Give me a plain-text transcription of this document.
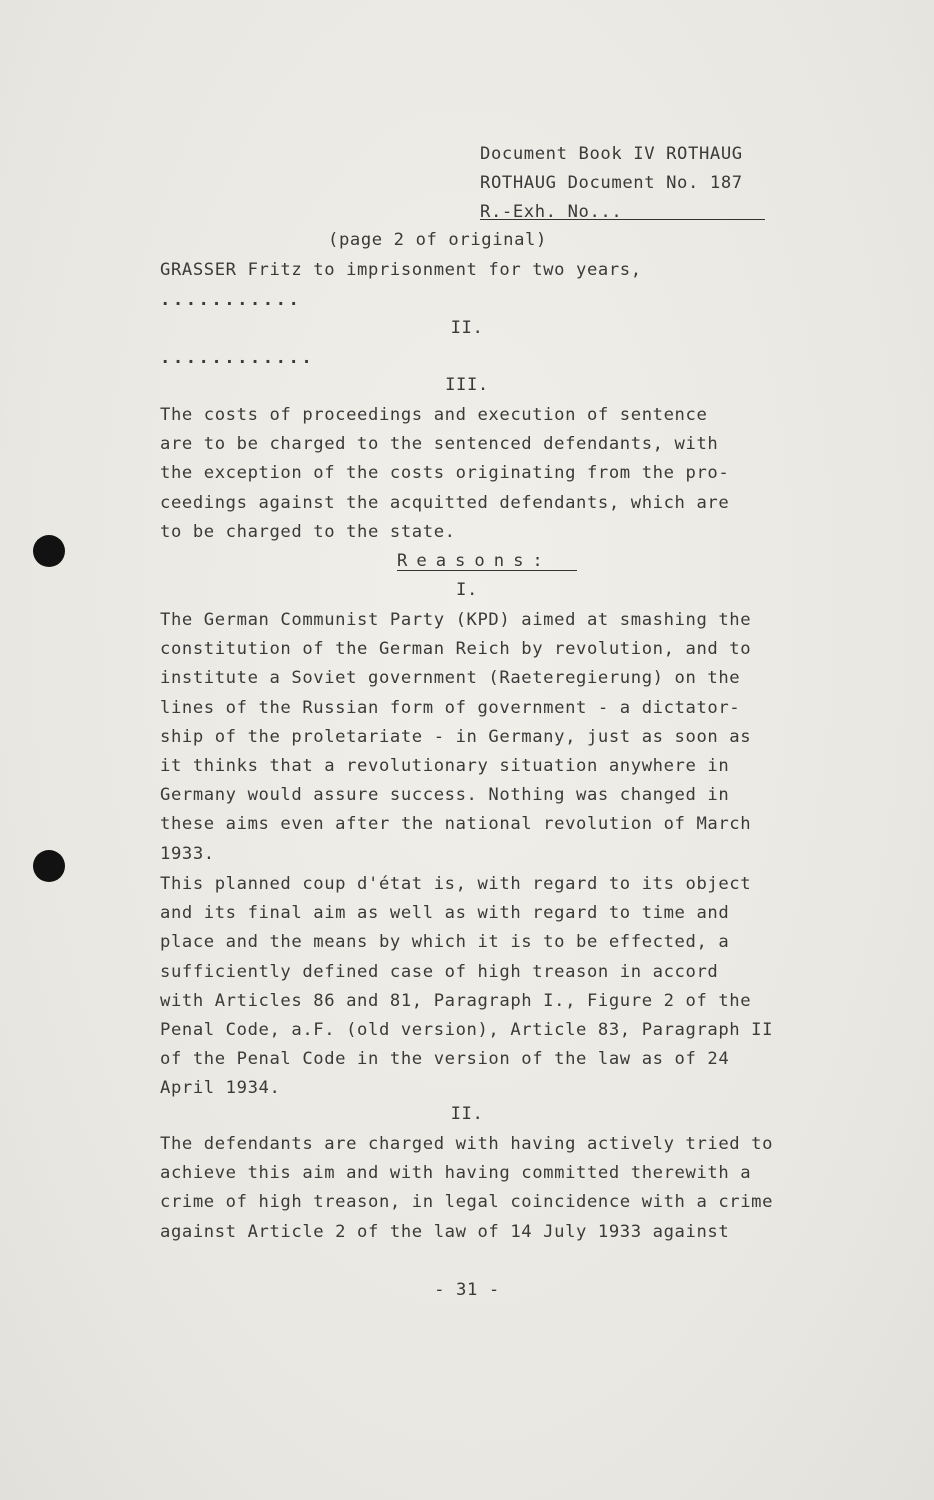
Document Book IV ROTHAUG
ROTHAUG Document No. 187
R.-Exh. No...
(page 2 of original)
GRASSER Fritz to imprisonment for two years,
...........
II.
............
III.
The costs of proceedings and execution of sentence
are to be charged to the sentenced defendants, with
the exception of the costs originating from the pro-
ceedings against the acquitted defendants, which are
to be charged to the state.
Reasons:
I.
The German Communist Party (KPD) aimed at smashing the
constitution of the German Reich by revolution, and to
institute a Soviet government (Raeteregierung) on the
lines of the Russian form of government - a dictator-
ship of the proletariate - in Germany, just as soon as
it thinks that a revolutionary situation anywhere in
Germany would assure success. Nothing was changed in
these aims even after the national revolution of March
1933.
This planned coup d'état is, with regard to its object
and its final aim as well as with regard to time and
place and the means by which it is to be effected, a
sufficiently defined case of high treason in accord
with Articles 86 and 81, Paragraph I., Figure 2 of the
Penal Code, a.F. (old version), Article 83, Paragraph II
of the Penal Code in the version of the law as of 24
April 1934.
II.
The defendants are charged with having actively tried to
achieve this aim and with having committed therewith a
crime of high treason, in legal coincidence with a crime
against Article 2 of the law of 14 July 1933 against
- 31 -
